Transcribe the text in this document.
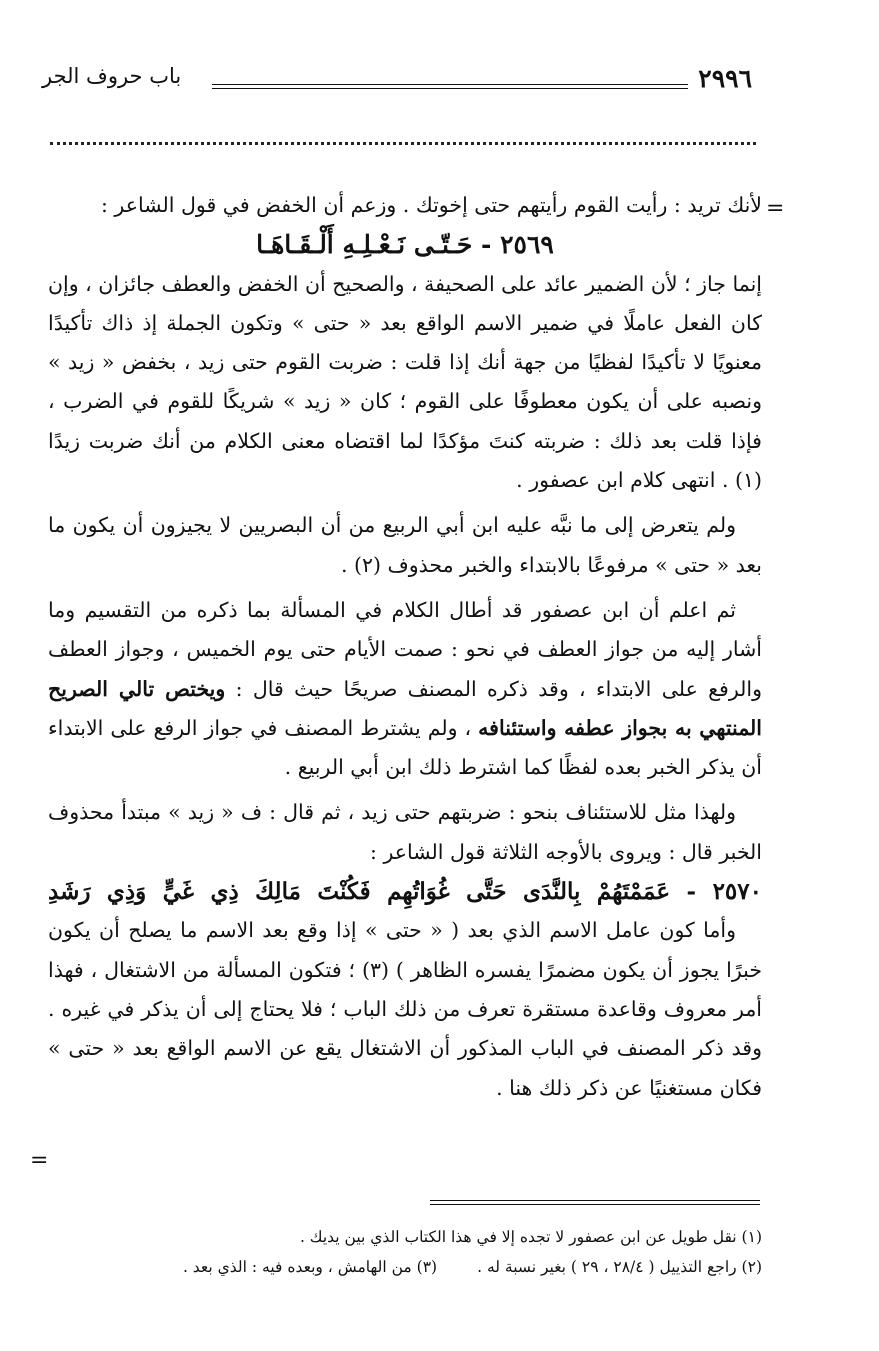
٢٩٩٦
باب حروف الجر
=

لأنك تريد : رأيت القوم رأيتهم حتى إخوتك . وزعم أن الخفض في قول الشاعر :

٢٥٦٩ - حَـتّـى نَـعْـلِـهِ أَلْـقَـاهَـا

إنما جاز ؛ لأن الضمير عائد على الصحيفة ، والصحيح أن الخفض والعطف جائزان ، وإن كان الفعل عاملًا في ضمير الاسم الواقع بعد « حتى » وتكون الجملة إذ ذاك تأكيدًا معنويًا لا تأكيدًا لفظيًا من جهة أنك إذا قلت : ضربت القوم حتى زيد ، بخفض « زيد » ونصبه على أن يكون معطوفًا على القوم ؛ كان « زيد » شريكًا للقوم في الضرب ، فإذا قلت بعد ذلك : ضربته كنتَ مؤكدًا لما اقتضاه معنى الكلام من أنك ضربت زيدًا (١) . انتهى كلام ابن عصفور .

ولم يتعرض إلى ما نبَّه عليه ابن أبي الربيع من أن البصريين لا يجيزون أن يكون ما بعد « حتى » مرفوعًا بالابتداء والخبر محذوف (٢) .

ثم اعلم أن ابن عصفور قد أطال الكلام في المسألة بما ذكره من التقسيم وما أشار إليه من جواز العطف في نحو : صمت الأيام حتى يوم الخميس ، وجواز العطف والرفع على الابتداء ، وقد ذكره المصنف صريحًا حيث قال : ويختص تالي الصريح المنتهي به بجواز عطفه واستئنافه ، ولم يشترط المصنف في جواز الرفع على الابتداء أن يذكر الخبر بعده لفظًا كما اشترط ذلك ابن أبي الربيع .

ولهذا مثل للاستئناف بنحو : ضربتهم حتى زيد ، ثم قال : ف « زيد » مبتدأ محذوف الخبر قال : ويروى بالأوجه الثلاثة قول الشاعر :

٢٥٧٠ - عَمَمْتَهُمْ بِالنَّدَى حَتَّى غُوَاتُهِم فَكُنْتَ مَالِكَ ذِي غَيٍّ وَذِي رَشَدِ

وأما كون عامل الاسم الذي بعد ( « حتى » إذا وقع بعد الاسم ما يصلح أن يكون خبرًا يجوز أن يكون مضمرًا يفسره الظاهر ) (٣) ؛ فتكون المسألة من الاشتغال ، فهذا أمر معروف وقاعدة مستقرة تعرف من ذلك الباب ؛ فلا يحتاج إلى أن يذكر في غيره . وقد ذكر المصنف في الباب المذكور أن الاشتغال يقع عن الاسم الواقع بعد « حتى » فكان مستغنيًا عن ذكر ذلك هنا .

=

(١) نقل طويل عن ابن عصفور لا تجده إلا في هذا الكتاب الذي بين يديك .

(٢) راجع التذييل ( ٢٨/٤ ، ٢٩ ) بغير نسبة له .(٣) من الهامش ، وبعده فيه : الذي بعد .
